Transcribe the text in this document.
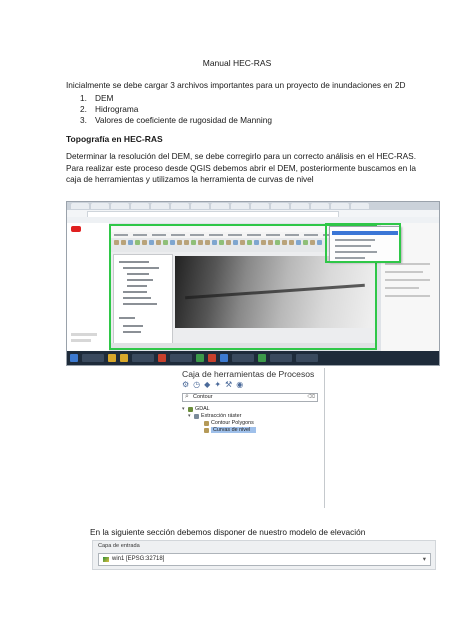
Manual HEC-RAS
Inicialmente se debe cargar 3 archivos importantes para un proyecto de inundaciones en 2D
1. DEM
2. Hidrograma
3. Valores de coeficiente de rugosidad de Manning
Topografía en HEC-RAS
Determinar la resolución del DEM, se debe corregirlo para un correcto análisis en el HEC-RAS. Para realizar este proceso desde QGIS debemos abrir el DEM, posteriormente buscamos en la caja de herramientas y utilizamos la herramienta de curvas de nivel
Caja de herramientas de Procesos
⚙ ◷ ◆ ✦ ⚒ ◉
⌕ Contour	⌫
▾ GDAL
▾ Extracción ráster
Contour Polygons
Curvas de nivel
En la siguiente sección debemos disponer de nuestro modelo de elevación
Capa de entrada
win1 [EPSG:32718]	▾
